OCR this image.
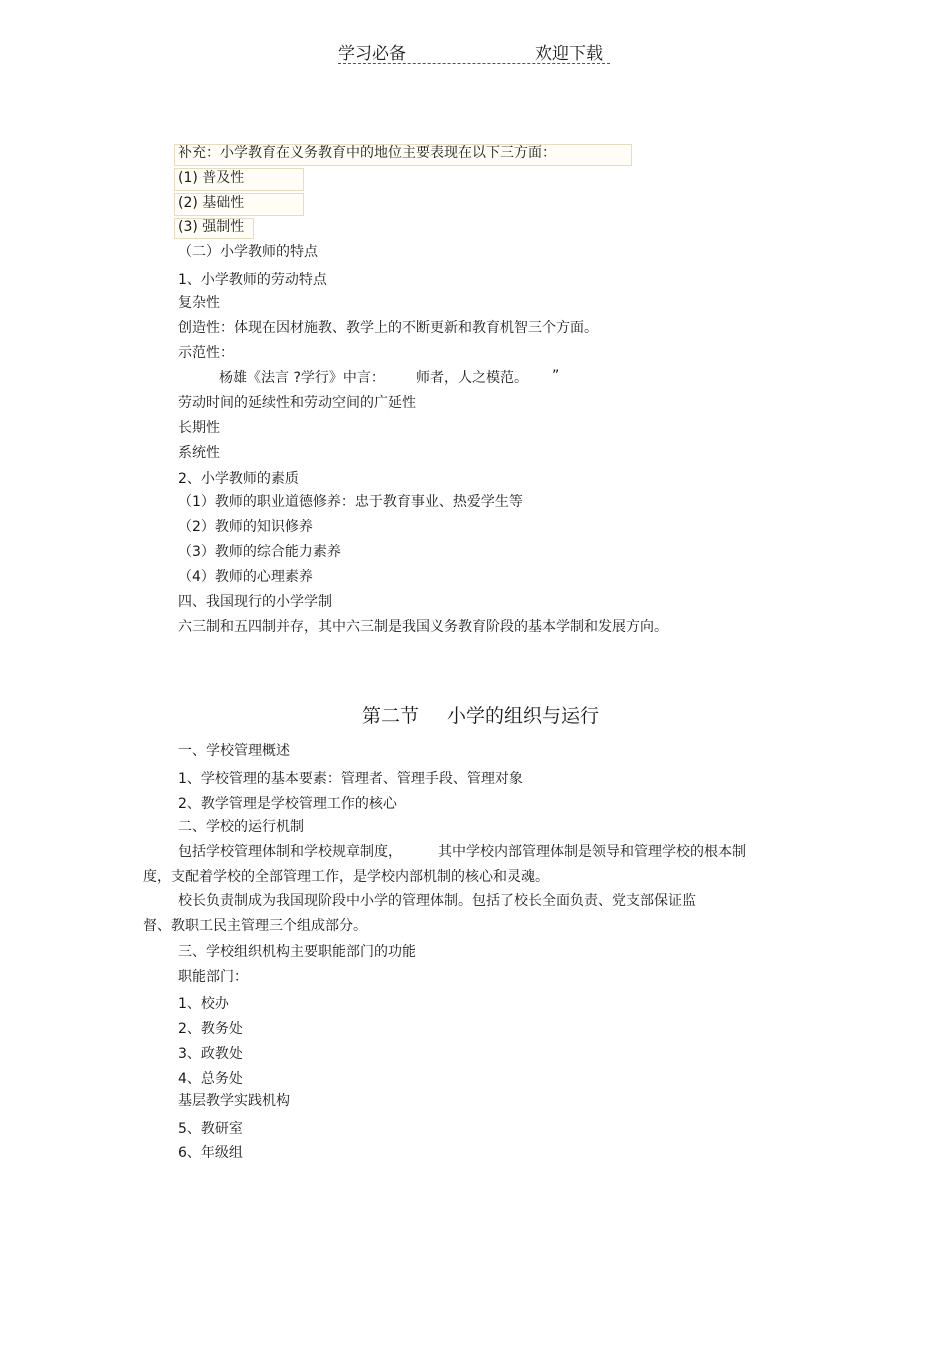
学习必备	欢迎下载
补充：小学教育在义务教育中的地位主要表现在以下三方面：
(1) 普及性
(2) 基础性
(3) 强制性
（二）小学教师的特点
1、小学教师的劳动特点
复杂性
创造性：体现在因材施教、教学上的不断更新和教育机智三个方面。
示范性：
杨雄《法言 ?学行》中言： 师者，人之模范。 ”
劳动时间的延续性和劳动空间的广延性
长期性
系统性
2、小学教师的素质
（1）教师的职业道德修养：忠于教育事业、热爱学生等
（2）教师的知识修养
（3）教师的综合能力素养
（4）教师的心理素养
四、我国现行的小学学制
六三制和五四制并存，其中六三制是我国义务教育阶段的基本学制和发展方向。
第二节 小学的组织与运行
一、学校管理概述
1、学校管理的基本要素：管理者、管理手段、管理对象
2、教学管理是学校管理工作的核心
二、学校的运行机制
包括学校管理体制和学校规章制度，	其中学校内部管理体制是领导和管理学校的根本制
度，支配着学校的全部管理工作，是学校内部机制的核心和灵魂。
校长负责制成为我国现阶段中小学的管理体制。包括了校长全面负责、党支部保证监
督、教职工民主管理三个组成部分。
三、学校组织机构主要职能部门的功能
职能部门：
1、校办
2、教务处
3、政教处
4、总务处
基层教学实践机构
5、教研室
6、年级组
